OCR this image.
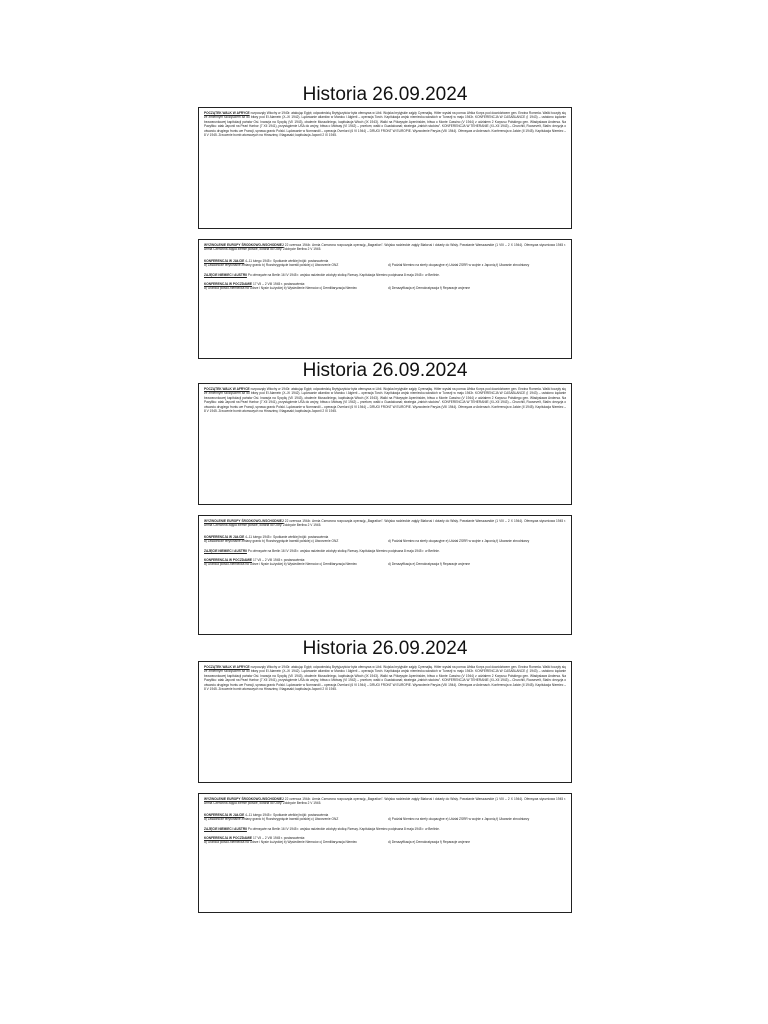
Historia 26.09.2024

POCZĄTEK WALK W AFRYCE rozpoczęły Włochy w 1940r. atakując Egipt; odpowiedzią Brytyjczyków była ofensywa w Libii. Wojska brytyjskie zajęły Cyrenajkę. Hitler wysłał na pomoc Afrika Korps pod dowództwem gen. Erwina Rommla. Walki toczyły się ze zmiennym szczęściem aż do bitwy pod El Alamein (X–XI 1942). Lądowanie aliantów w Maroku i Algierii – operacja Torch. Kapitulacja wojsk niemiecko-włoskich w Tunezji w maju 1943r. KONFERENCJA W CASABLANCE (I 1943) – ustalono żądanie bezwarunkowej kapitulacji państw Osi. Inwazja na Sycylię (VII 1943), obalenie Mussoliniego, kapitulacja Włoch (IX 1943). Walki na Półwyspie Apenińskim, bitwa o Monte Cassino (V 1944) z udziałem 2 Korpusu Polskiego gen. Władysława Andersa. Na Pacyfiku: atak Japonii na Pearl Harbor (7 XII 1941), przystąpienie USA do wojny; bitwa o Midway (VI 1942) – przełom; walki o Guadalcanal; strategia „żabich skoków”. KONFERENCJA W TEHERANIE (XI–XII 1943) – Churchill, Roosevelt, Stalin: decyzja o otwarciu drugiego frontu we Francji, sprawa granic Polski. Lądowanie w Normandii – operacja Overlord (6 VI 1944) – DRUGI FRONT W EUROPIE. Wyzwolenie Paryża (VIII 1944). Ofensywa w Ardenach. Konferencja w Jałcie (II 1945). Kapitulacja Niemiec – 8 V 1945. Zrzucenie bomb atomowych na Hiroszimę i Nagasaki; kapitulacja Japonii 2 IX 1945.

WYZWOLENIE EUROPY ŚRODKOWO-WSCHODNIEJ 22 czerwca 1944r. Armia Czerwona rozpoczęła operację „Bagration”. Wojska radzieckie zajęły Białoruś i dotarły do Wisły. Powstanie Warszawskie (1 VIII – 2 X 1944). Ofensywa styczniowa 1945 r. Armia Czerwona zajęła ziemie polskie, dotarła do Odry. Zdobycie Berlina 2 V 1945.

KONFERENCJA W JAŁCIE 4–11 lutego 1945 r. Spotkanie wielkiej trójki: postanowienia

a) Zasadnicze terytorialne zmiany granic b) Rozstrzygnięcie kwestii polskiej c) Utworzenie ONZ	d) Podział Niemiec na strefy okupacyjne e) Udział ZSRR w wojnie z Japonią f) Ukaranie zbrodniarzy

ZAJĘCIE NIEMIEC I AUSTRII Po ofensywie na Berlin 16 IV 1945 r. wojska radzieckie zdobyły stolicę Rzeszy. Kapitulacja Niemiec podpisana 8 maja 1945 r. w Berlinie.

KONFERENCJA W POCZDAMIE 17 VII – 2 VIII 1945 r. postanowienia:

a) Granica polsko-niemiecka na Odrze i Nysie Łużyckiej b) Wysiedlenie Niemców c) Demilitaryzacja Niemiec	d) Denazyfikacja e) Demokratyzacja f) Reparacje wojenne
Historia 26.09.2024

POCZĄTEK WALK W AFRYCE rozpoczęły Włochy w 1940r. atakując Egipt; odpowiedzią Brytyjczyków była ofensywa w Libii. Wojska brytyjskie zajęły Cyrenajkę. Hitler wysłał na pomoc Afrika Korps pod dowództwem gen. Erwina Rommla. Walki toczyły się ze zmiennym szczęściem aż do bitwy pod El Alamein (X–XI 1942). Lądowanie aliantów w Maroku i Algierii – operacja Torch. Kapitulacja wojsk niemiecko-włoskich w Tunezji w maju 1943r. KONFERENCJA W CASABLANCE (I 1943) – ustalono żądanie bezwarunkowej kapitulacji państw Osi. Inwazja na Sycylię (VII 1943), obalenie Mussoliniego, kapitulacja Włoch (IX 1943). Walki na Półwyspie Apenińskim, bitwa o Monte Cassino (V 1944) z udziałem 2 Korpusu Polskiego gen. Władysława Andersa. Na Pacyfiku: atak Japonii na Pearl Harbor (7 XII 1941), przystąpienie USA do wojny; bitwa o Midway (VI 1942) – przełom; walki o Guadalcanal; strategia „żabich skoków”. KONFERENCJA W TEHERANIE (XI–XII 1943) – Churchill, Roosevelt, Stalin: decyzja o otwarciu drugiego frontu we Francji, sprawa granic Polski. Lądowanie w Normandii – operacja Overlord (6 VI 1944) – DRUGI FRONT W EUROPIE. Wyzwolenie Paryża (VIII 1944). Ofensywa w Ardenach. Konferencja w Jałcie (II 1945). Kapitulacja Niemiec – 8 V 1945. Zrzucenie bomb atomowych na Hiroszimę i Nagasaki; kapitulacja Japonii 2 IX 1945.

WYZWOLENIE EUROPY ŚRODKOWO-WSCHODNIEJ 22 czerwca 1944r. Armia Czerwona rozpoczęła operację „Bagration”. Wojska radzieckie zajęły Białoruś i dotarły do Wisły. Powstanie Warszawskie (1 VIII – 2 X 1944). Ofensywa styczniowa 1945 r. Armia Czerwona zajęła ziemie polskie, dotarła do Odry. Zdobycie Berlina 2 V 1945.

KONFERENCJA W JAŁCIE 4–11 lutego 1945 r. Spotkanie wielkiej trójki: postanowienia

a) Zasadnicze terytorialne zmiany granic b) Rozstrzygnięcie kwestii polskiej c) Utworzenie ONZ	d) Podział Niemiec na strefy okupacyjne e) Udział ZSRR w wojnie z Japonią f) Ukaranie zbrodniarzy

ZAJĘCIE NIEMIEC I AUSTRII Po ofensywie na Berlin 16 IV 1945 r. wojska radzieckie zdobyły stolicę Rzeszy. Kapitulacja Niemiec podpisana 8 maja 1945 r. w Berlinie.

KONFERENCJA W POCZDAMIE 17 VII – 2 VIII 1945 r. postanowienia:

a) Granica polsko-niemiecka na Odrze i Nysie Łużyckiej b) Wysiedlenie Niemców c) Demilitaryzacja Niemiec	d) Denazyfikacja e) Demokratyzacja f) Reparacje wojenne
Historia 26.09.2024

POCZĄTEK WALK W AFRYCE rozpoczęły Włochy w 1940r. atakując Egipt; odpowiedzią Brytyjczyków była ofensywa w Libii. Wojska brytyjskie zajęły Cyrenajkę. Hitler wysłał na pomoc Afrika Korps pod dowództwem gen. Erwina Rommla. Walki toczyły się ze zmiennym szczęściem aż do bitwy pod El Alamein (X–XI 1942). Lądowanie aliantów w Maroku i Algierii – operacja Torch. Kapitulacja wojsk niemiecko-włoskich w Tunezji w maju 1943r. KONFERENCJA W CASABLANCE (I 1943) – ustalono żądanie bezwarunkowej kapitulacji państw Osi. Inwazja na Sycylię (VII 1943), obalenie Mussoliniego, kapitulacja Włoch (IX 1943). Walki na Półwyspie Apenińskim, bitwa o Monte Cassino (V 1944) z udziałem 2 Korpusu Polskiego gen. Władysława Andersa. Na Pacyfiku: atak Japonii na Pearl Harbor (7 XII 1941), przystąpienie USA do wojny; bitwa o Midway (VI 1942) – przełom; walki o Guadalcanal; strategia „żabich skoków”. KONFERENCJA W TEHERANIE (XI–XII 1943) – Churchill, Roosevelt, Stalin: decyzja o otwarciu drugiego frontu we Francji, sprawa granic Polski. Lądowanie w Normandii – operacja Overlord (6 VI 1944) – DRUGI FRONT W EUROPIE. Wyzwolenie Paryża (VIII 1944). Ofensywa w Ardenach. Konferencja w Jałcie (II 1945). Kapitulacja Niemiec – 8 V 1945. Zrzucenie bomb atomowych na Hiroszimę i Nagasaki; kapitulacja Japonii 2 IX 1945.

WYZWOLENIE EUROPY ŚRODKOWO-WSCHODNIEJ 22 czerwca 1944r. Armia Czerwona rozpoczęła operację „Bagration”. Wojska radzieckie zajęły Białoruś i dotarły do Wisły. Powstanie Warszawskie (1 VIII – 2 X 1944). Ofensywa styczniowa 1945 r. Armia Czerwona zajęła ziemie polskie, dotarła do Odry. Zdobycie Berlina 2 V 1945.

KONFERENCJA W JAŁCIE 4–11 lutego 1945 r. Spotkanie wielkiej trójki: postanowienia

a) Zasadnicze terytorialne zmiany granic b) Rozstrzygnięcie kwestii polskiej c) Utworzenie ONZ	d) Podział Niemiec na strefy okupacyjne e) Udział ZSRR w wojnie z Japonią f) Ukaranie zbrodniarzy

ZAJĘCIE NIEMIEC I AUSTRII Po ofensywie na Berlin 16 IV 1945 r. wojska radzieckie zdobyły stolicę Rzeszy. Kapitulacja Niemiec podpisana 8 maja 1945 r. w Berlinie.

KONFERENCJA W POCZDAMIE 17 VII – 2 VIII 1945 r. postanowienia:

a) Granica polsko-niemiecka na Odrze i Nysie Łużyckiej b) Wysiedlenie Niemców c) Demilitaryzacja Niemiec	d) Denazyfikacja e) Demokratyzacja f) Reparacje wojenne
